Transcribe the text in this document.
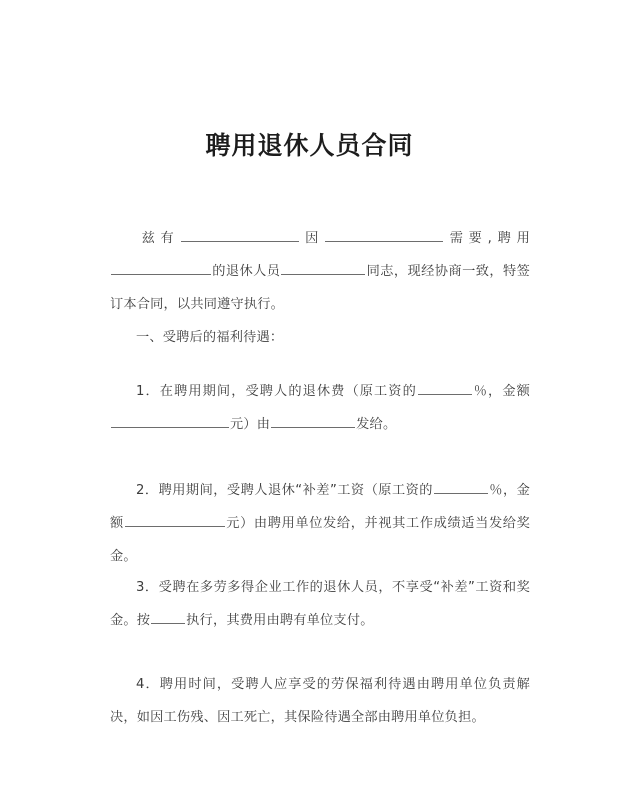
聘用退休人员合同

兹有	因	需要,聘用的退休人员	同志，现经协商一致，特签订本合同，以共同遵守执行。

一、受聘后的福利待遇：

1．在聘用期间，受聘人的退休费（原工资的	％，金额元）由	发给。

2．聘用期间，受聘人退休“补差”工资（原工资的	％，金额	元）由聘用单位发给，并视其工作成绩适当发给奖金。

3．受聘在多劳多得企业工作的退休人员，不享受“补差”工资和奖金。按	执行，其费用由聘有单位支付。

4．聘用时间，受聘人应享受的劳保福利待遇由聘用单位负责解决，如因工伤残、因工死亡，其保险待遇全部由聘用单位负担。
